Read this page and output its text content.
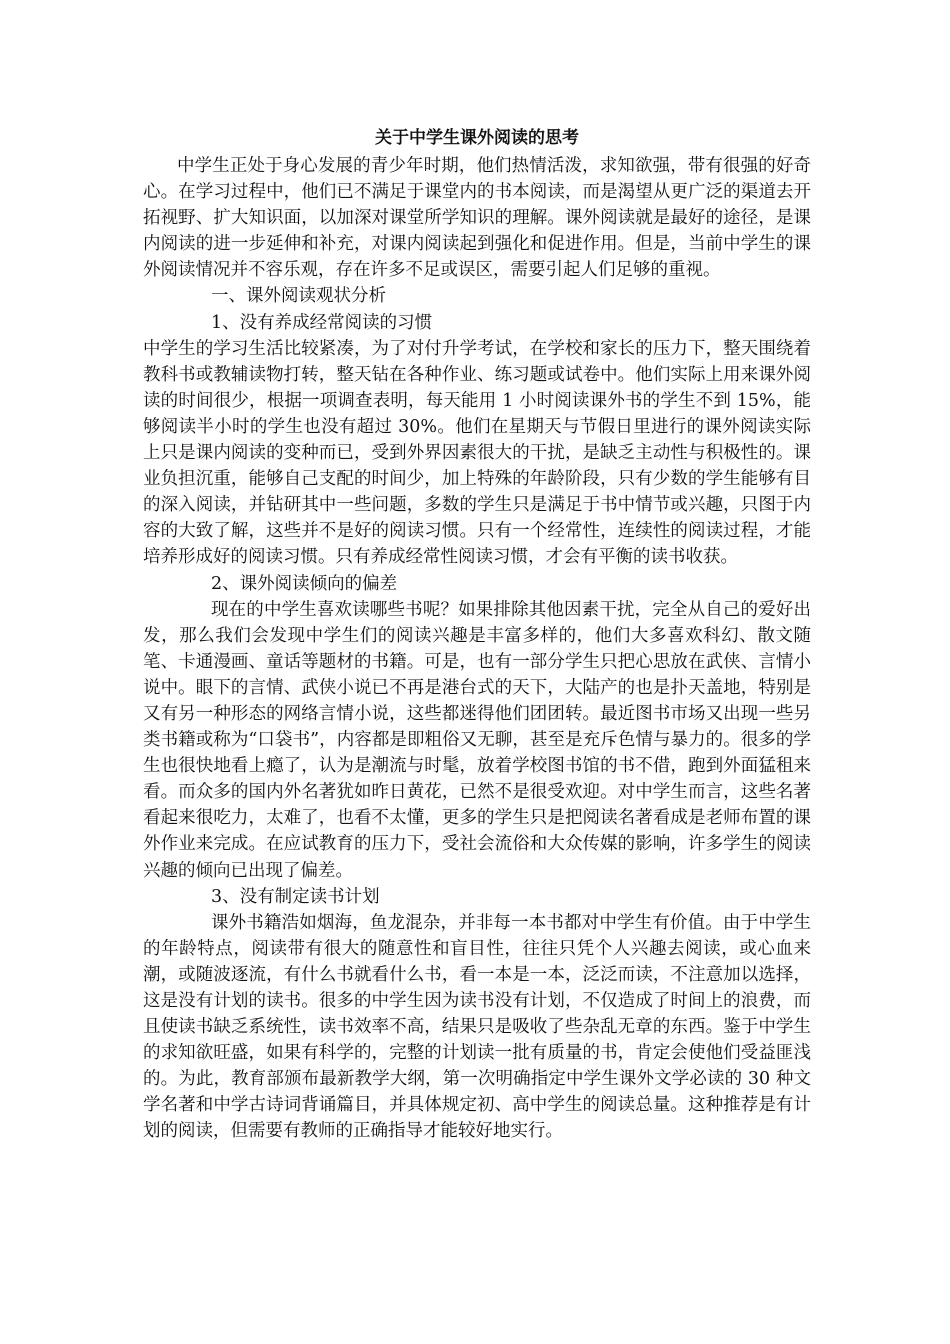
关于中学生课外阅读的思考

中学生正处于身心发展的青少年时期，他们热情活泼，求知欲强，带有很强的好奇心。在学习过程中，他们已不满足于课堂内的书本阅读，而是渴望从更广泛的渠道去开拓视野、扩大知识面，以加深对课堂所学知识的理解。课外阅读就是最好的途径，是课内阅读的进一步延伸和补充，对课内阅读起到强化和促进作用。但是，当前中学生的课外阅读情况并不容乐观，存在许多不足或误区，需要引起人们足够的重视。

一、课外阅读观状分析

1、没有养成经常阅读的习惯

中学生的学习生活比较紧凑，为了对付升学考试，在学校和家长的压力下，整天围绕着教科书或教辅读物打转，整天钻在各种作业、练习题或试卷中。他们实际上用来课外阅读的时间很少，根据一项调查表明，每天能用 1 小时阅读课外书的学生不到 15%，能够阅读半小时的学生也没有超过 30%。他们在星期天与节假日里进行的课外阅读实际上只是课内阅读的变种而已，受到外界因素很大的干扰，是缺乏主动性与积极性的。课业负担沉重，能够自己支配的时间少，加上特殊的年龄阶段，只有少数的学生能够有目的深入阅读，并钻研其中一些问题，多数的学生只是满足于书中情节或兴趣，只图于内容的大致了解，这些并不是好的阅读习惯。只有一个经常性，连续性的阅读过程，才能培养形成好的阅读习惯。只有养成经常性阅读习惯，才会有平衡的读书收获。

2、课外阅读倾向的偏差

现在的中学生喜欢读哪些书呢？如果排除其他因素干扰，完全从自己的爱好出发，那么我们会发现中学生们的阅读兴趣是丰富多样的，他们大多喜欢科幻、散文随笔、卡通漫画、童话等题材的书籍。可是，也有一部分学生只把心思放在武侠、言情小说中。眼下的言情、武侠小说已不再是港台式的天下，大陆产的也是扑天盖地，特别是又有另一种形态的网络言情小说，这些都迷得他们团团转。最近图书市场又出现一些另类书籍或称为“口袋书”，内容都是即粗俗又无聊，甚至是充斥色情与暴力的。很多的学生也很快地看上瘾了，认为是潮流与时髦，放着学校图书馆的书不借，跑到外面猛租来看。而众多的国内外名著犹如昨日黄花，已然不是很受欢迎。对中学生而言，这些名著看起来很吃力，太难了，也看不太懂，更多的学生只是把阅读名著看成是老师布置的课外作业来完成。在应试教育的压力下，受社会流俗和大众传媒的影响，许多学生的阅读兴趣的倾向已出现了偏差。

3、没有制定读书计划

课外书籍浩如烟海，鱼龙混杂，并非每一本书都对中学生有价值。由于中学生的年龄特点，阅读带有很大的随意性和盲目性，往往只凭个人兴趣去阅读，或心血来潮，或随波逐流，有什么书就看什么书，看一本是一本，泛泛而读，不注意加以选择，这是没有计划的读书。很多的中学生因为读书没有计划，不仅造成了时间上的浪费，而且使读书缺乏系统性，读书效率不高，结果只是吸收了些杂乱无章的东西。鉴于中学生的求知欲旺盛，如果有科学的，完整的计划读一批有质量的书，肯定会使他们受益匪浅的。为此，教育部颁布最新教学大纲，第一次明确指定中学生课外文学必读的 30 种文学名著和中学古诗词背诵篇目，并具体规定初、高中学生的阅读总量。这种推荐是有计划的阅读，但需要有教师的正确指导才能较好地实行。
